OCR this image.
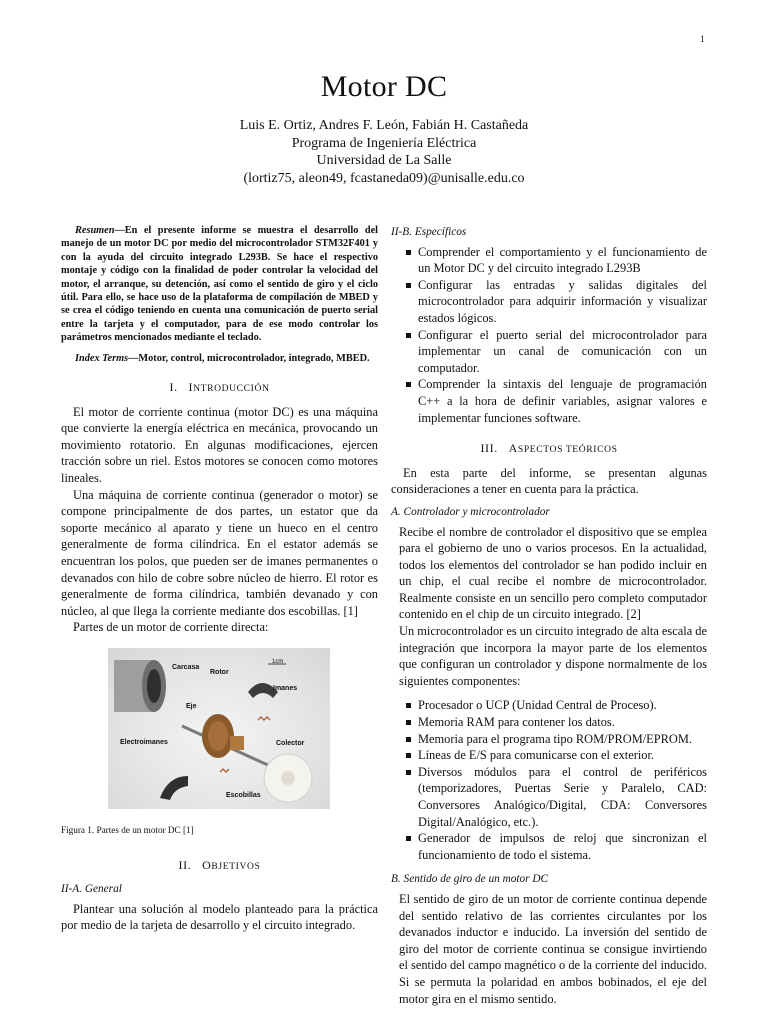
1
Motor DC
Luis E. Ortiz, Andres F. León, Fabián H. Castañeda
Programa de Ingeniería Eléctrica
Universidad de La Salle
(lortiz75, aleon49, fcastaneda09)@unisalle.edu.co

Resumen—En el presente informe se muestra el desarrollo del manejo de un motor DC por medio del microcontrolador STM32F401 y con la ayuda del circuito integrado L293B. Se hace el respectivo montaje y código con la finalidad de poder controlar la velocidad del motor, el arranque, su detención, así como el sentido de giro y el ciclo útil. Para ello, se hace uso de la plataforma de compilación de MBED y se crea el código teniendo en cuenta una comunicación de puerto serial entre la tarjeta y el computador, para de ese modo controlar los parámetros mencionados mediante el teclado.

Index Terms—Motor, control, microcontrolador, integrado, MBED.

I. INTRODUCCIÓN

El motor de corriente continua (motor DC) es una máquina que convierte la energía eléctrica en mecánica, provocando un movimiento rotatorio. En algunas modificaciones, ejercen tracción sobre un riel. Estos motores se conocen como motores lineales.

Una máquina de corriente continua (generador o motor) se compone principalmente de dos partes, un estator que da soporte mecánico al aparato y tiene un hueco en el centro generalmente de forma cilíndrica. En el estator además se encuentran los polos, que pueden ser de imanes permanentes o devanados con hilo de cobre sobre núcleo de hierro. El rotor es generalmente de forma cilíndrica, también devanado y con núcleo, al que llega la corriente mediante dos escobillas. [1]

Partes de un motor de corriente directa:

Carcasa
Rotor
Imanes
Eje
Electroimanes	Colector
Escobillas
1cm
Figura 1. Partes de un motor DC [1]
II. OBJETIVOS
II-A. General

Plantear una solución al modelo planteado para la práctica por medio de la tarjeta de desarrollo y el circuito integrado.

II-B. Específicos
Comprender el comportamiento y el funcionamiento de un Motor DC y del circuito integrado L293B
Configurar las entradas y salidas digitales del microcontrolador para adquirir información y visualizar estados lógicos.
Configurar el puerto serial del microcontrolador para implementar un canal de comunicación con un computador.
Comprender la sintaxis del lenguaje de programación C++ a la hora de definir variables, asignar valores e implementar funciones software.
III. ASPECTOS TEÓRICOS

En esta parte del informe, se presentan algunas consideraciones a tener en cuenta para la práctica.

A. Controlador y microcontrolador

Recibe el nombre de controlador el dispositivo que se emplea para el gobierno de uno o varios procesos. En la actualidad, todos los elementos del controlador se han podido incluir en un chip, el cual recibe el nombre de microcontrolador. Realmente consiste en un sencillo pero completo computador contenido en el chip de un circuito integrado. [2]

Un microcontrolador es un circuito integrado de alta escala de integración que incorpora la mayor parte de los elementos que configuran un controlador y dispone normalmente de los siguientes componentes:

Procesador o UCP (Unidad Central de Proceso).
Memoria RAM para contener los datos.
Memoria para el programa tipo ROM/PROM/EPROM.
Líneas de E/S para comunicarse con el exterior.
Diversos módulos para el control de periféricos (temporizadores, Puertas Serie y Paralelo, CAD: Conversores Analógico/Digital, CDA: Conversores Digital/Analógico, etc.).
Generador de impulsos de reloj que sincronizan el funcionamiento de todo el sistema.
B. Sentido de giro de un motor DC

El sentido de giro de un motor de corriente continua depende del sentido relativo de las corrientes circulantes por los devanados inductor e inducido. La inversión del sentido de giro del motor de corriente continua se consigue invirtiendo el sentido del campo magnético o de la corriente del inducido. Si se permuta la polaridad en ambos bobinados, el eje del motor gira en el mismo sentido.
